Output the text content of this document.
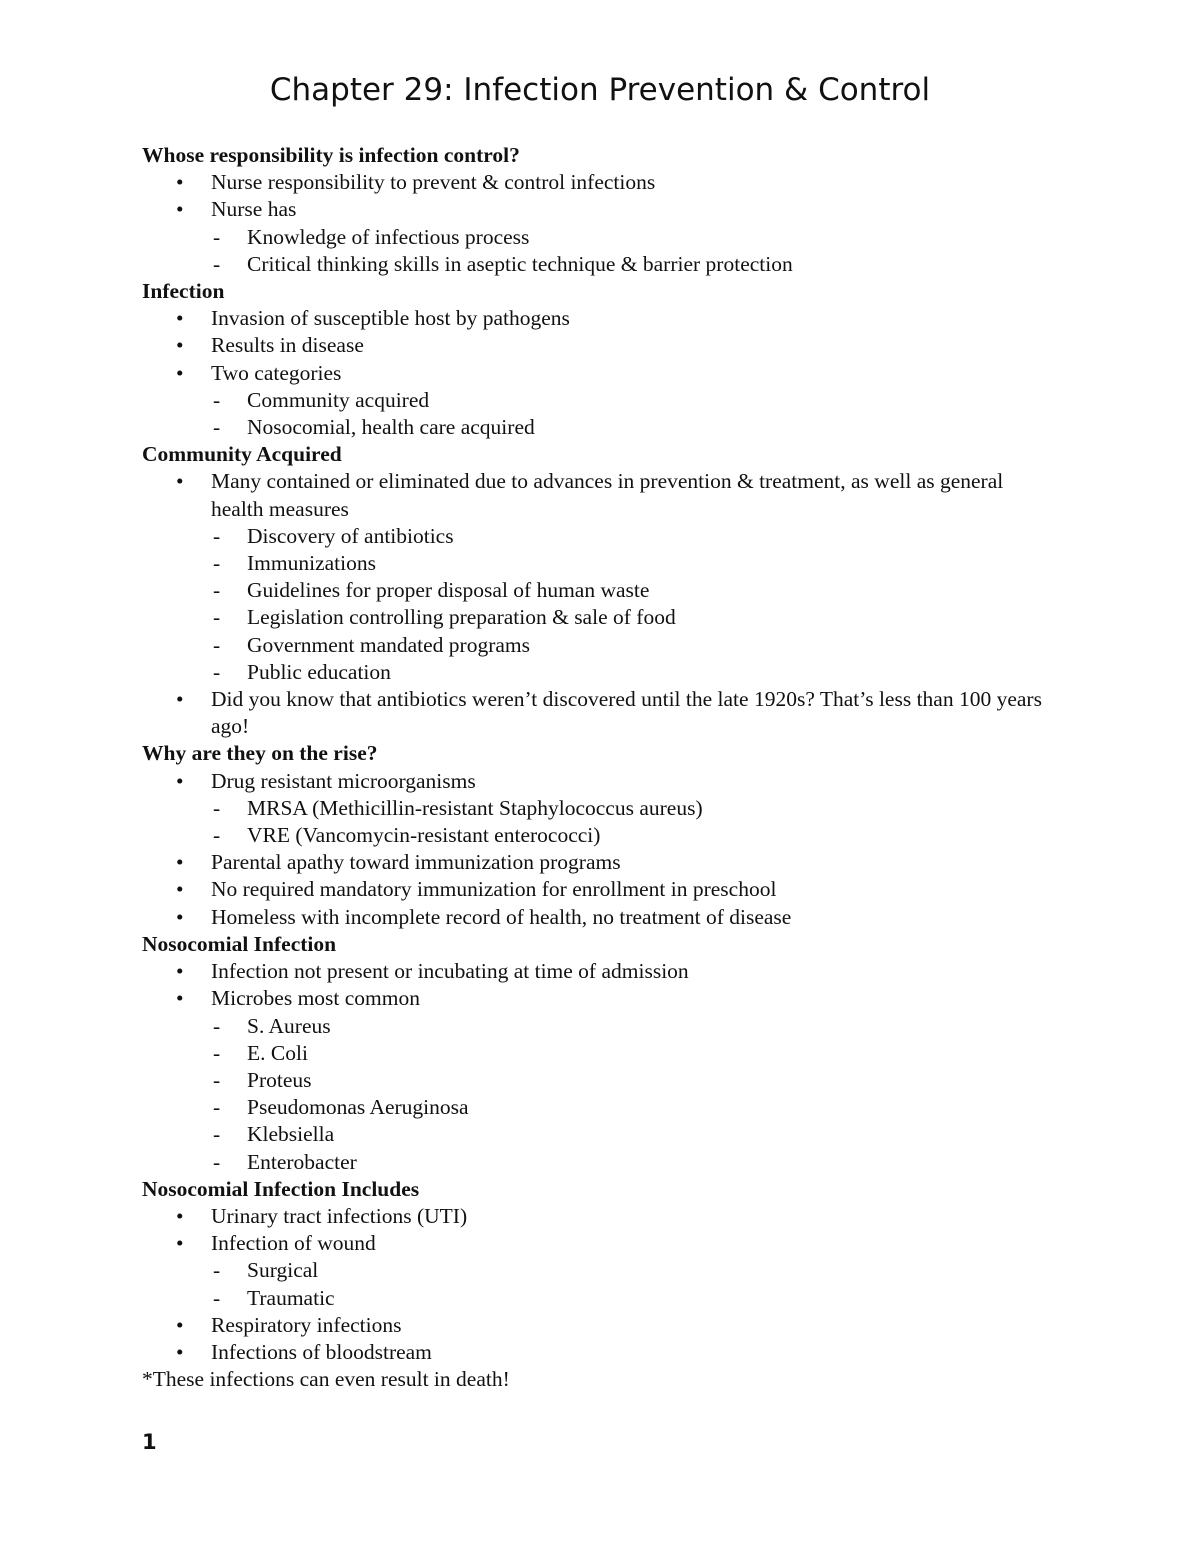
Chapter 29: Infection Prevention & Control
Whose responsibility is infection control?
• Nurse responsibility to prevent & control infections
• Nurse has
- Knowledge of infectious process
- Critical thinking skills in aseptic technique & barrier protection
Infection
• Invasion of susceptible host by pathogens
• Results in disease
• Two categories
- Community acquired
- Nosocomial, health care acquired
Community Acquired
• Many contained or eliminated due to advances in prevention & treatment, as well as general health measures
- Discovery of antibiotics
- Immunizations
- Guidelines for proper disposal of human waste
- Legislation controlling preparation & sale of food
- Government mandated programs
- Public education
• Did you know that antibiotics weren’t discovered until the late 1920s? That’s less than 100 years ago!
Why are they on the rise?
• Drug resistant microorganisms
- MRSA (Methicillin-resistant Staphylococcus aureus)
- VRE (Vancomycin-resistant enterococci)
• Parental apathy toward immunization programs
• No required mandatory immunization for enrollment in preschool
• Homeless with incomplete record of health, no treatment of disease
Nosocomial Infection
• Infection not present or incubating at time of admission
• Microbes most common
- S. Aureus
- E. Coli
- Proteus
- Pseudomonas Aeruginosa
- Klebsiella
- Enterobacter
Nosocomial Infection Includes
• Urinary tract infections (UTI)
• Infection of wound
- Surgical
- Traumatic
• Respiratory infections
• Infections of bloodstream
*These infections can even result in death!
1
